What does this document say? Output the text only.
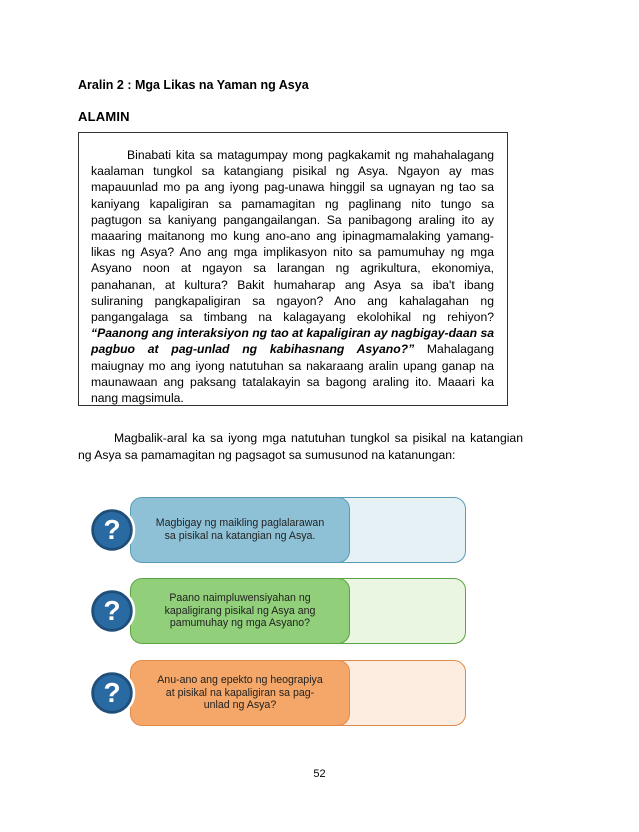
Aralin 2 : Mga Likas na Yaman ng Asya
ALAMIN

Binabati kita sa matagumpay mong pagkakamit ng mahahalagang kaalaman tungkol sa katangiang pisikal ng Asya. Ngayon ay mas mapauunlad mo pa ang iyong pag-unawa hinggil sa ugnayan ng tao sa kaniyang kapaligiran sa pamamagitan ng paglinang nito tungo sa pagtugon sa kaniyang pangangailangan. Sa panibagong araling ito ay maaaring maitanong mo kung ano-ano ang ipinagmamalaking yamang-likas ng Asya? Ano ang mga implikasyon nito sa pamumuhay ng mga Asyano noon at ngayon sa larangan ng agrikultura, ekonomiya, panahanan, at kultura? Bakit humaharap ang Asya sa iba't ibang suliraning pangkapaligiran sa ngayon? Ano ang kahalagahan ng pangangalaga sa timbang na kalagayang ekolohikal ng rehiyon? “Paanong ang interaksiyon ng tao at kapaligiran ay nagbigay-daan sa pagbuo at pag-unlad ng kabihasnang Asyano?” Mahalagang maiugnay mo ang iyong natutuhan sa nakaraang aralin upang ganap na maunawaan ang paksang tatalakayin sa bagong araling ito. Maaari ka nang magsimula.

Magbalik-aral ka sa iyong mga natutuhan tungkol sa pisikal na katangian ng Asya sa pamamagitan ng pagsagot sa sumusunod na katanungan:

Magbigay ng maikling paglalarawan sa pisikal na katangian ng Asya.
?
Paano naimpluwensiyahan ng kapaligirang pisikal ng Asya ang pamumuhay ng mga Asyano?
?
Anu-ano ang epekto ng heograpiya at pisikal na kapaligiran sa pag-unlad ng Asya?
?
52
